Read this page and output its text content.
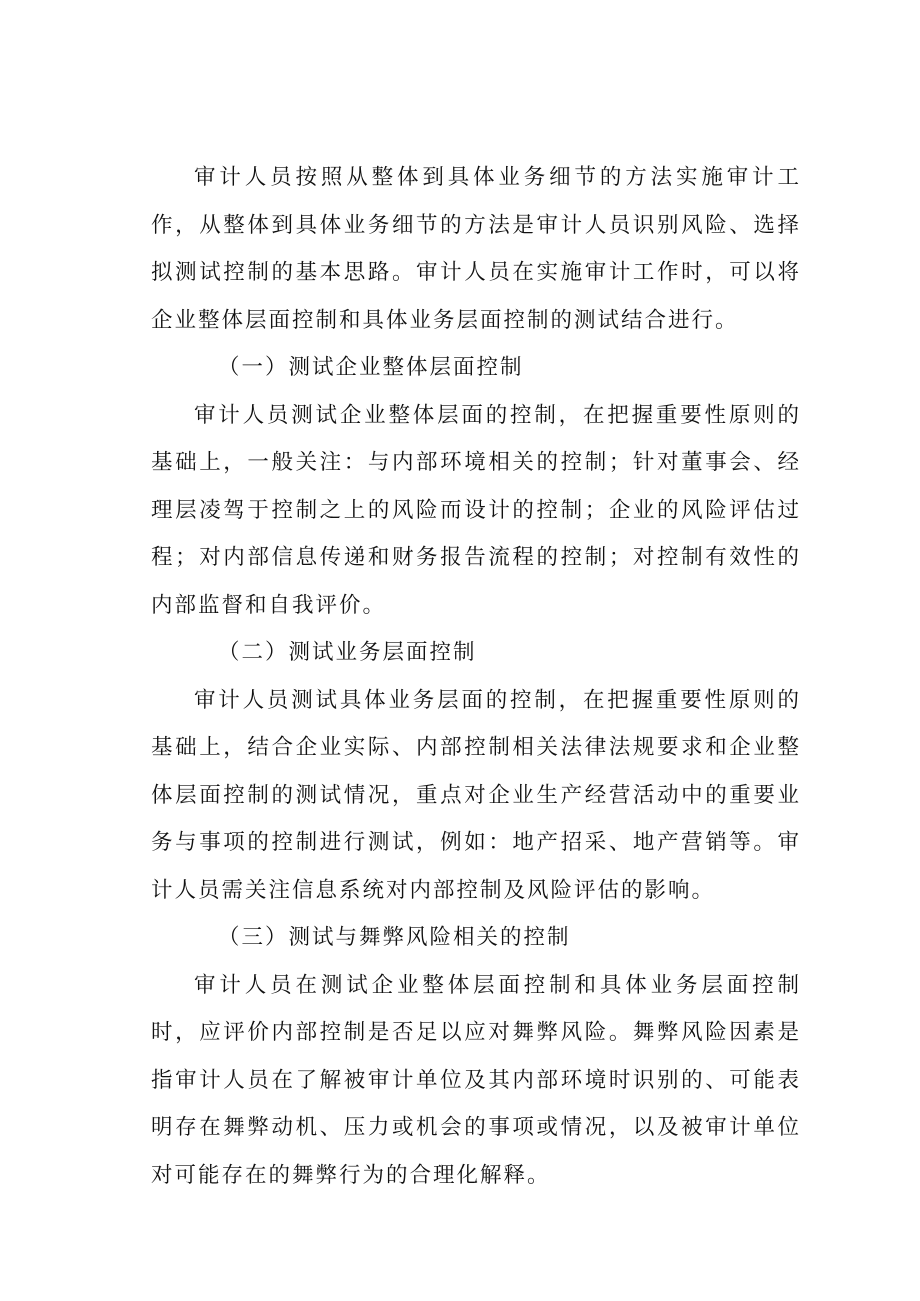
审计人员按照从整体到具体业务细节的方法实施审计工作，从整体到具体业务细节的方法是审计人员识别风险、选择拟测试控制的基本思路。审计人员在实施审计工作时，可以将企业整体层面控制和具体业务层面控制的测试结合进行。

（一）测试企业整体层面控制

审计人员测试企业整体层面的控制，在把握重要性原则的基础上，一般关注：与内部环境相关的控制；针对董事会、经理层凌驾于控制之上的风险而设计的控制；企业的风险评估过程；对内部信息传递和财务报告流程的控制；对控制有效性的内部监督和自我评价。

（二）测试业务层面控制

审计人员测试具体业务层面的控制，在把握重要性原则的基础上，结合企业实际、内部控制相关法律法规要求和企业整体层面控制的测试情况，重点对企业生产经营活动中的重要业务与事项的控制进行测试，例如：地产招采、地产营销等。审计人员需关注信息系统对内部控制及风险评估的影响。

（三）测试与舞弊风险相关的控制

审计人员在测试企业整体层面控制和具体业务层面控制时，应评价内部控制是否足以应对舞弊风险。舞弊风险因素是指审计人员在了解被审计单位及其内部环境时识别的、可能表明存在舞弊动机、压力或机会的事项或情况，以及被审计单位对可能存在的舞弊行为的合理化解释。
